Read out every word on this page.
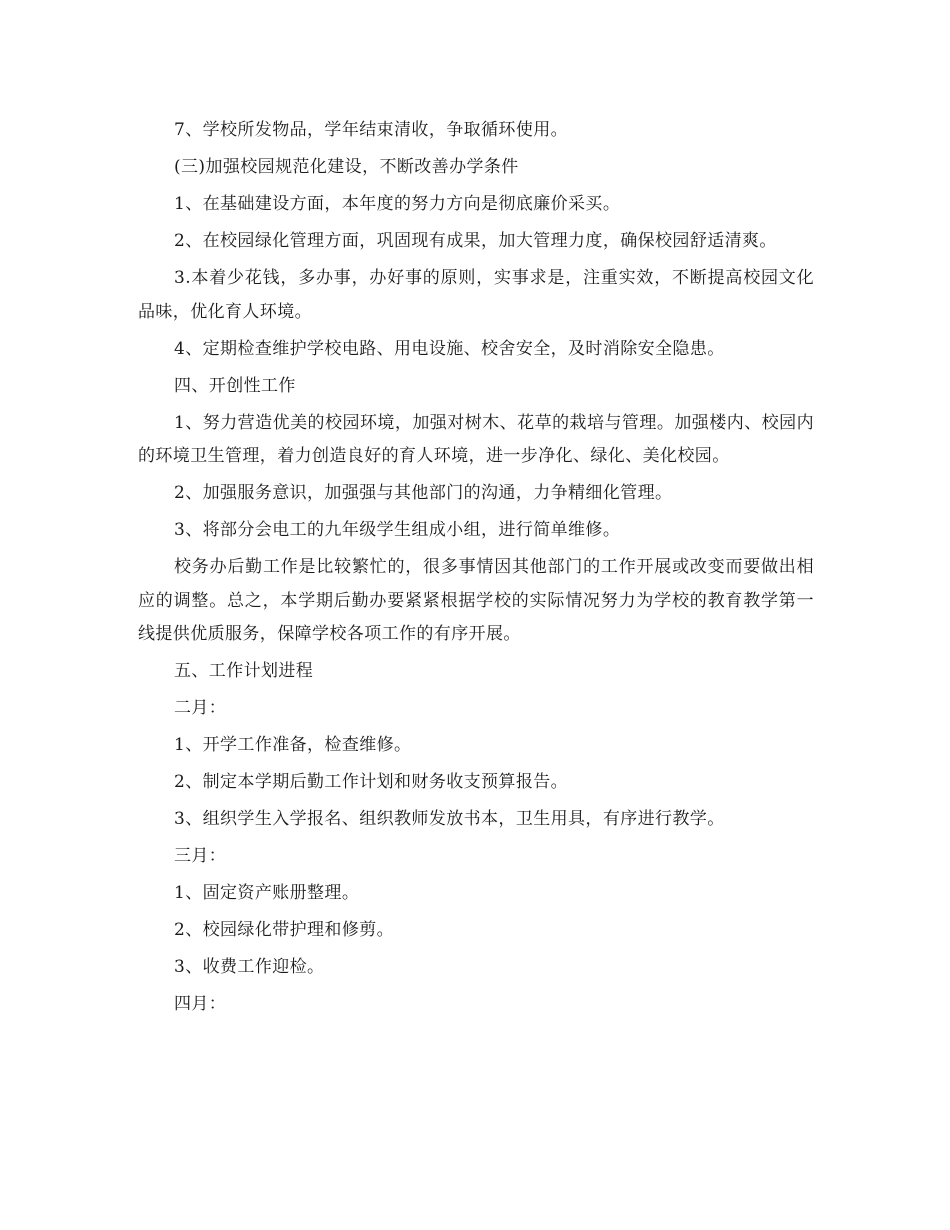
7、学校所发物品，学年结束清收，争取循环使用。

(三)加强校园规范化建设，不断改善办学条件

1、在基础建设方面，本年度的努力方向是彻底廉价采买。

2、在校园绿化管理方面，巩固现有成果，加大管理力度，确保校园舒适清爽。

3.本着少花钱，多办事，办好事的原则，实事求是，注重实效，不断提高校园文化品味，优化育人环境。

4、定期检查维护学校电路、用电设施、校舍安全，及时消除安全隐患。

四、开创性工作

1、努力营造优美的校园环境，加强对树木、花草的栽培与管理。加强楼内、校园内的环境卫生管理，着力创造良好的育人环境，进一步净化、绿化、美化校园。

2、加强服务意识，加强强与其他部门的沟通，力争精细化管理。

3、将部分会电工的九年级学生组成小组，进行简单维修。

校务办后勤工作是比较繁忙的，很多事情因其他部门的工作开展或改变而要做出相应的调整。总之，本学期后勤办要紧紧根据学校的实际情况努力为学校的教育教学第一线提供优质服务，保障学校各项工作的有序开展。

五、工作计划进程

二月：

1、开学工作准备，检查维修。

2、制定本学期后勤工作计划和财务收支预算报告。

3、组织学生入学报名、组织教师发放书本，卫生用具，有序进行教学。

三月：

1、固定资产账册整理。

2、校园绿化带护理和修剪。

3、收费工作迎检。

四月：
